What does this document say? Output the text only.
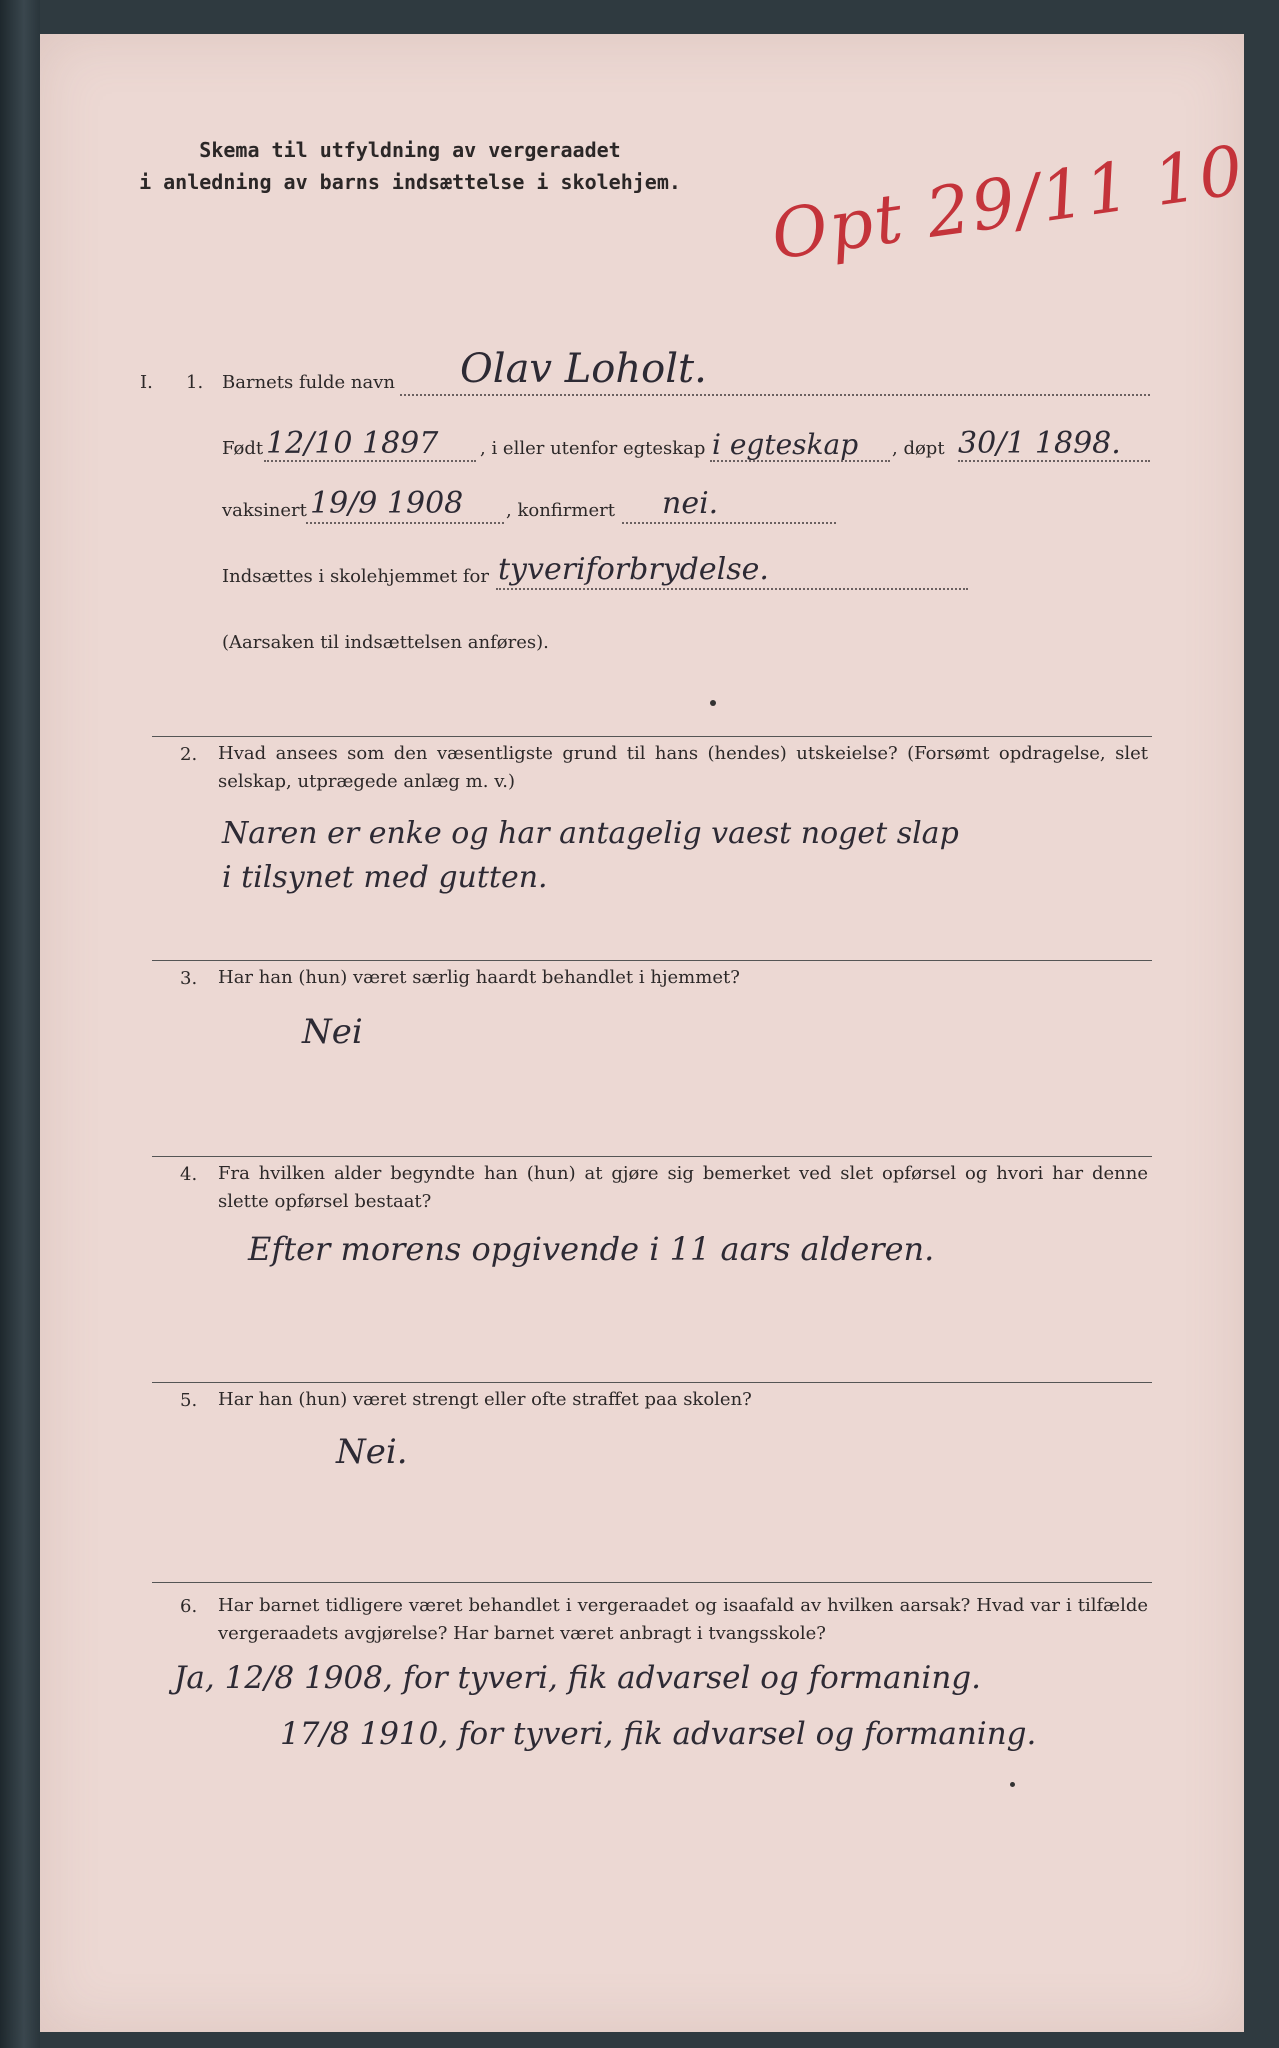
Skema til utfyldning av vergeraadet
i anledning av barns indsættelse i skolehjem. Opt 29/11 10
I. 1. Barnets fulde navn Olav Loholt.
Født 12/10 1897 , i eller utenfor egteskap i egteskap , døpt 30/1 1898.
vaksinert 19/9 1908 , konfirmert nei.
Indsættes i skolehjemmet for tyveriforbrydelse.
(Aarsaken til indsættelsen anføres).
2. Hvad ansees som den væsentligste grund til hans (hendes) utskeielse? (Forsømt opdragelse, slet selskap, utprægede anlæg m. v.)
Naren er enke og har antagelig vaest noget slap
i tilsynet med gutten.
3. Har han (hun) været særlig haardt behandlet i hjemmet?
Nei
4. Fra hvilken alder begyndte han (hun) at gjøre sig bemerket ved slet opførsel og hvori har denne slette opførsel bestaat?
Efter morens opgivende i 11 aars alderen.
5. Har han (hun) været strengt eller ofte straffet paa skolen?
Nei.
6. Har barnet tidligere været behandlet i vergeraadet og isaafald av hvilken aarsak? Hvad var i tilfælde vergeraadets avgjørelse? Har barnet været anbragt i tvangsskole?
Ja, 12/8 1908, for tyveri, fik advarsel og formaning.
17/8 1910, for tyveri, fik advarsel og formaning.
